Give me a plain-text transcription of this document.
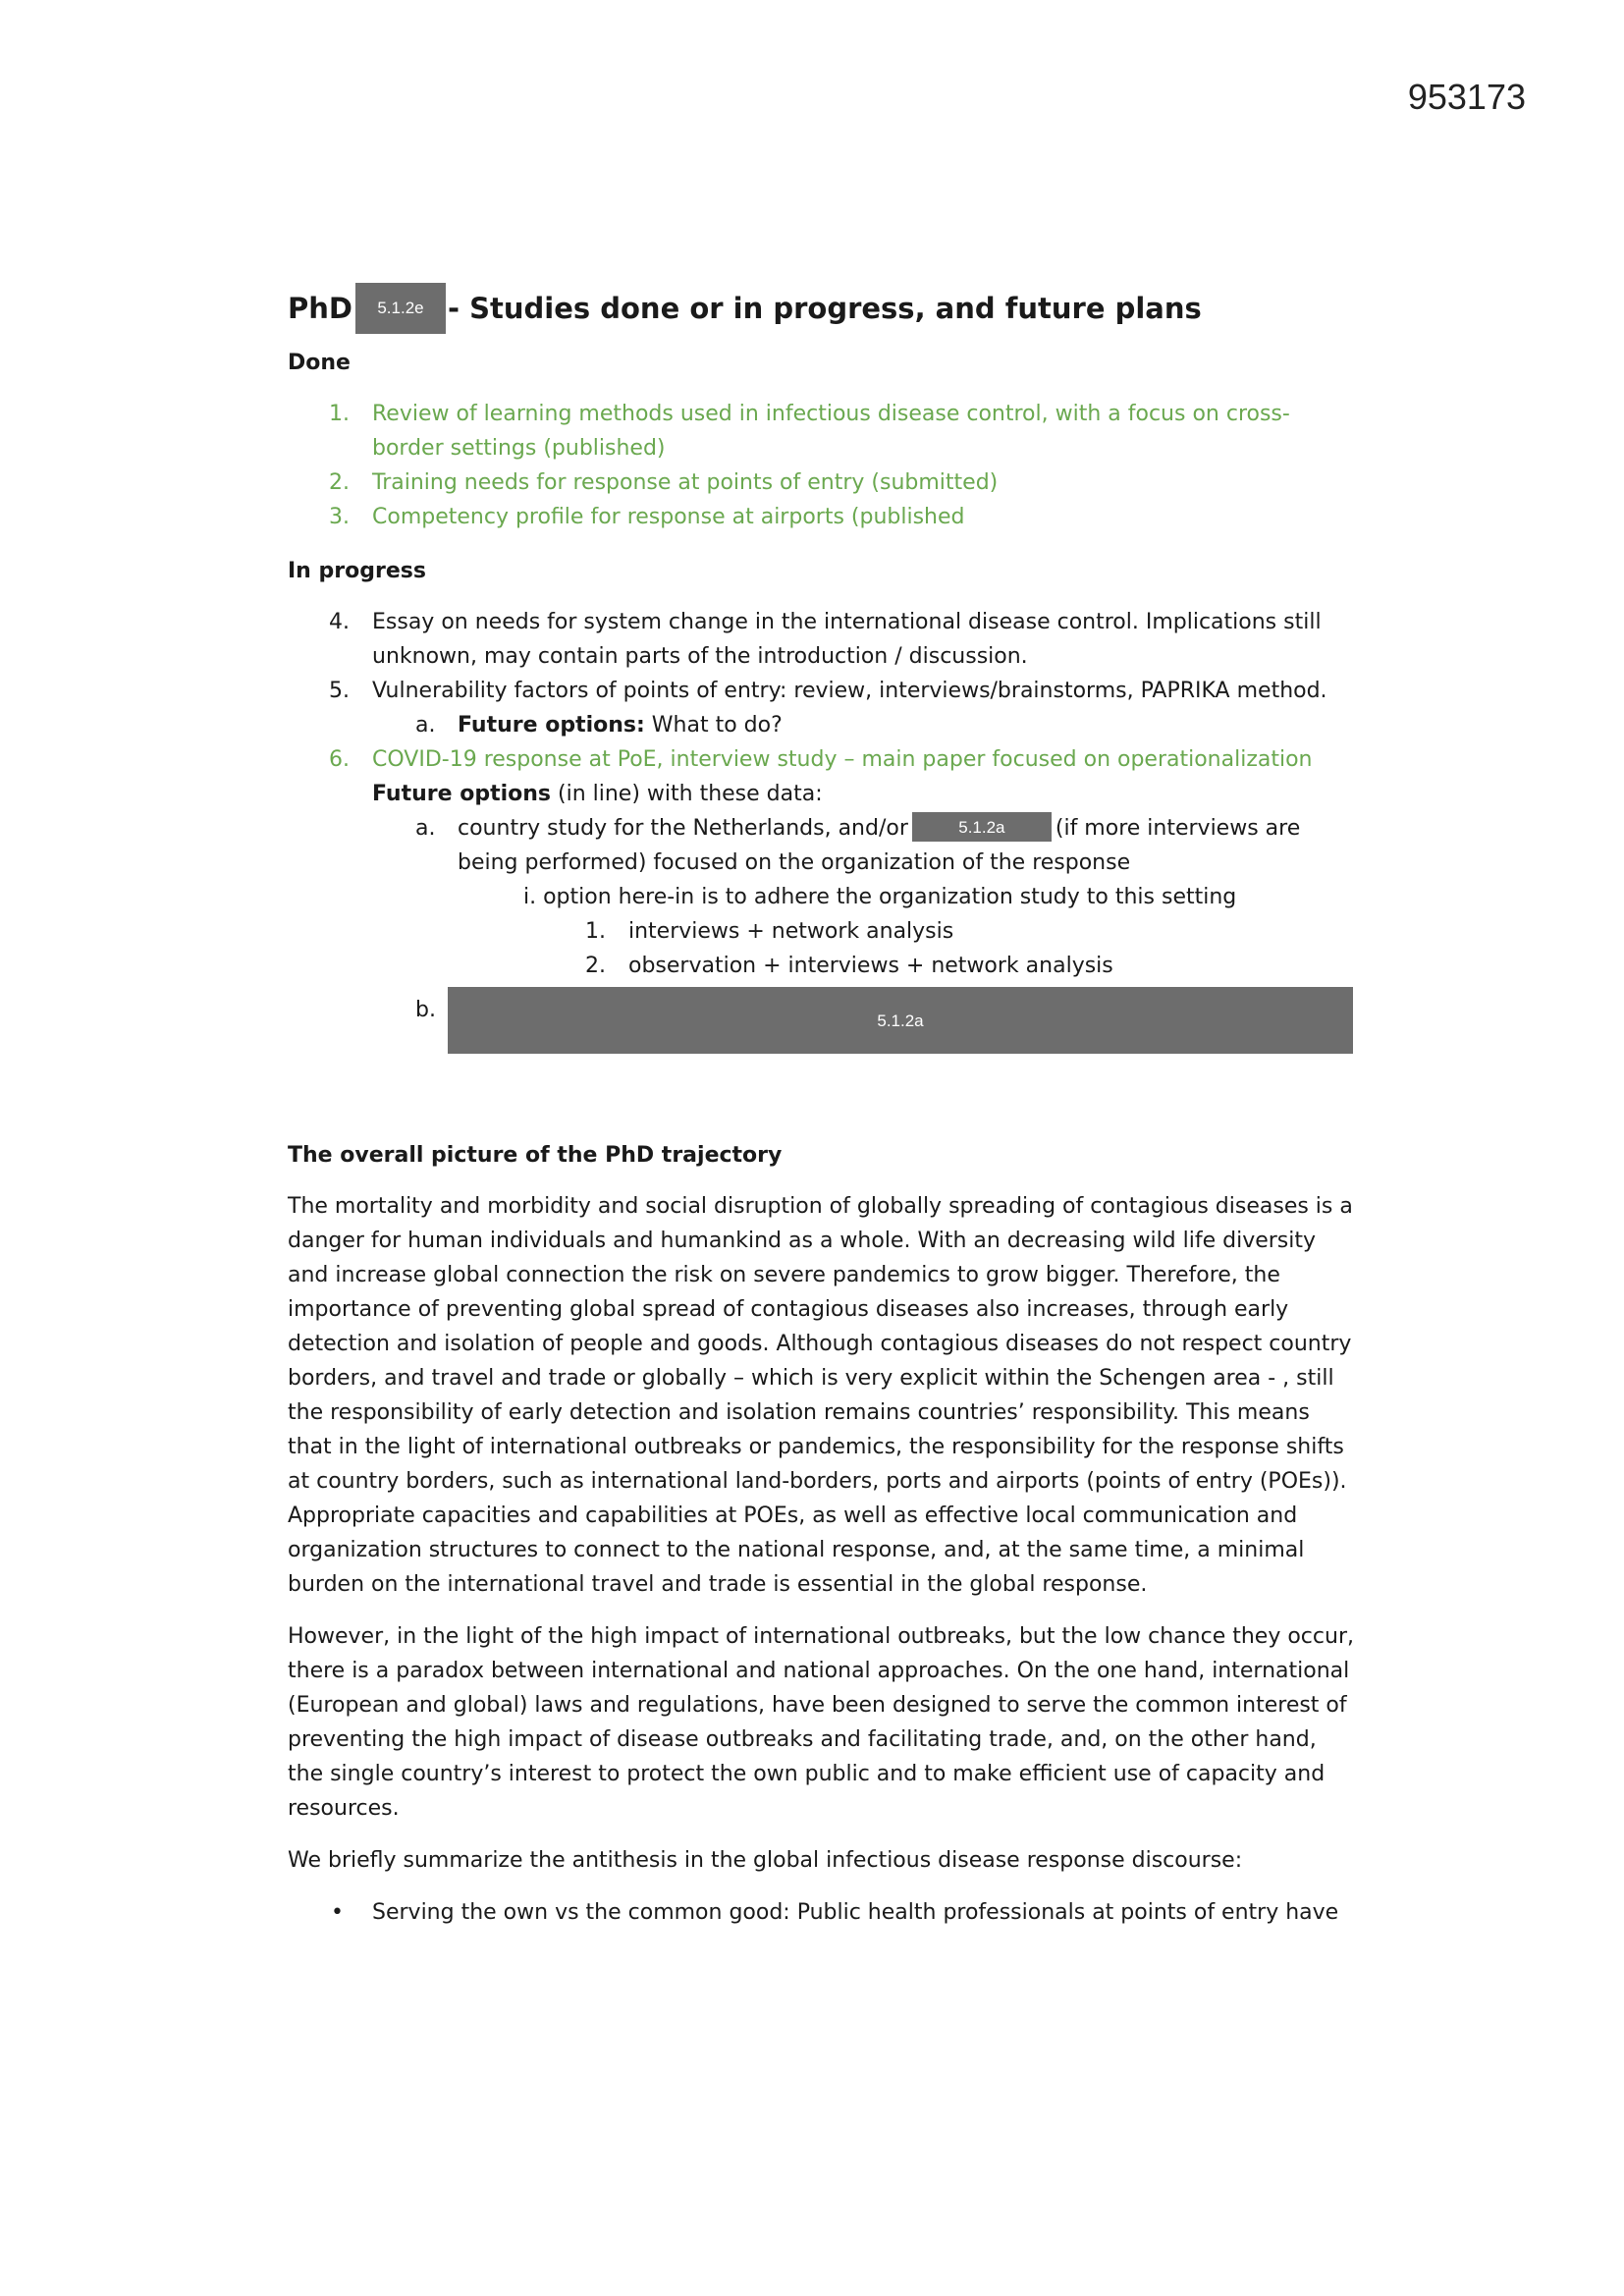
953173
PhD	5.1.2e - Studies done or in progress, and future plans
Done
1. Review of learning methods used in infectious disease control, with a focus on cross-border settings (published)
2. Training needs for response at points of entry (submitted)
3. Competency profile for response at airports (published
In progress
4. Essay on needs for system change in the international disease control. Implications still unknown, may contain parts of the introduction / discussion.
5. Vulnerability factors of points of entry: review, interviews/brainstorms, PAPRIKA method.
a. Future options: What to do?
6. COVID-19 response at PoE, interview study – main paper focused on operationalization
Future options (in line) with these data:
a. country study for the Netherlands, and/or	5.1.2a (if more interviews are being performed) focused on the organization of the response
i. option here-in is to adhere the organization study to this setting
1. interviews + network analysis
2. observation + interviews + network analysis
b.	5.1.2a
The overall picture of the PhD trajectory

The mortality and morbidity and social disruption of globally spreading of contagious diseases is a danger for human individuals and humankind as a whole. With an decreasing wild life diversity and increase global connection the risk on severe pandemics to grow bigger. Therefore, the importance of preventing global spread of contagious diseases also increases, through early detection and isolation of people and goods. Although contagious diseases do not respect country borders, and travel and trade or globally – which is very explicit within the Schengen area - , still the responsibility of early detection and isolation remains countries’ responsibility. This means that in the light of international outbreaks or pandemics, the responsibility for the response shifts at country borders, such as international land-borders, ports and airports (points of entry (POEs)). Appropriate capacities and capabilities at POEs, as well as effective local communication and organization structures to connect to the national response, and, at the same time, a minimal burden on the international travel and trade is essential in the global response.

However, in the light of the high impact of international outbreaks, but the low chance they occur, there is a paradox between international and national approaches. On the one hand, international (European and global) laws and regulations, have been designed to serve the common interest of preventing the high impact of disease outbreaks and facilitating trade, and, on the other hand, the single country’s interest to protect the own public and to make efficient use of capacity and resources.

We briefly summarize the antithesis in the global infectious disease response discourse:

• Serving the own vs the common good: Public health professionals at points of entry have
